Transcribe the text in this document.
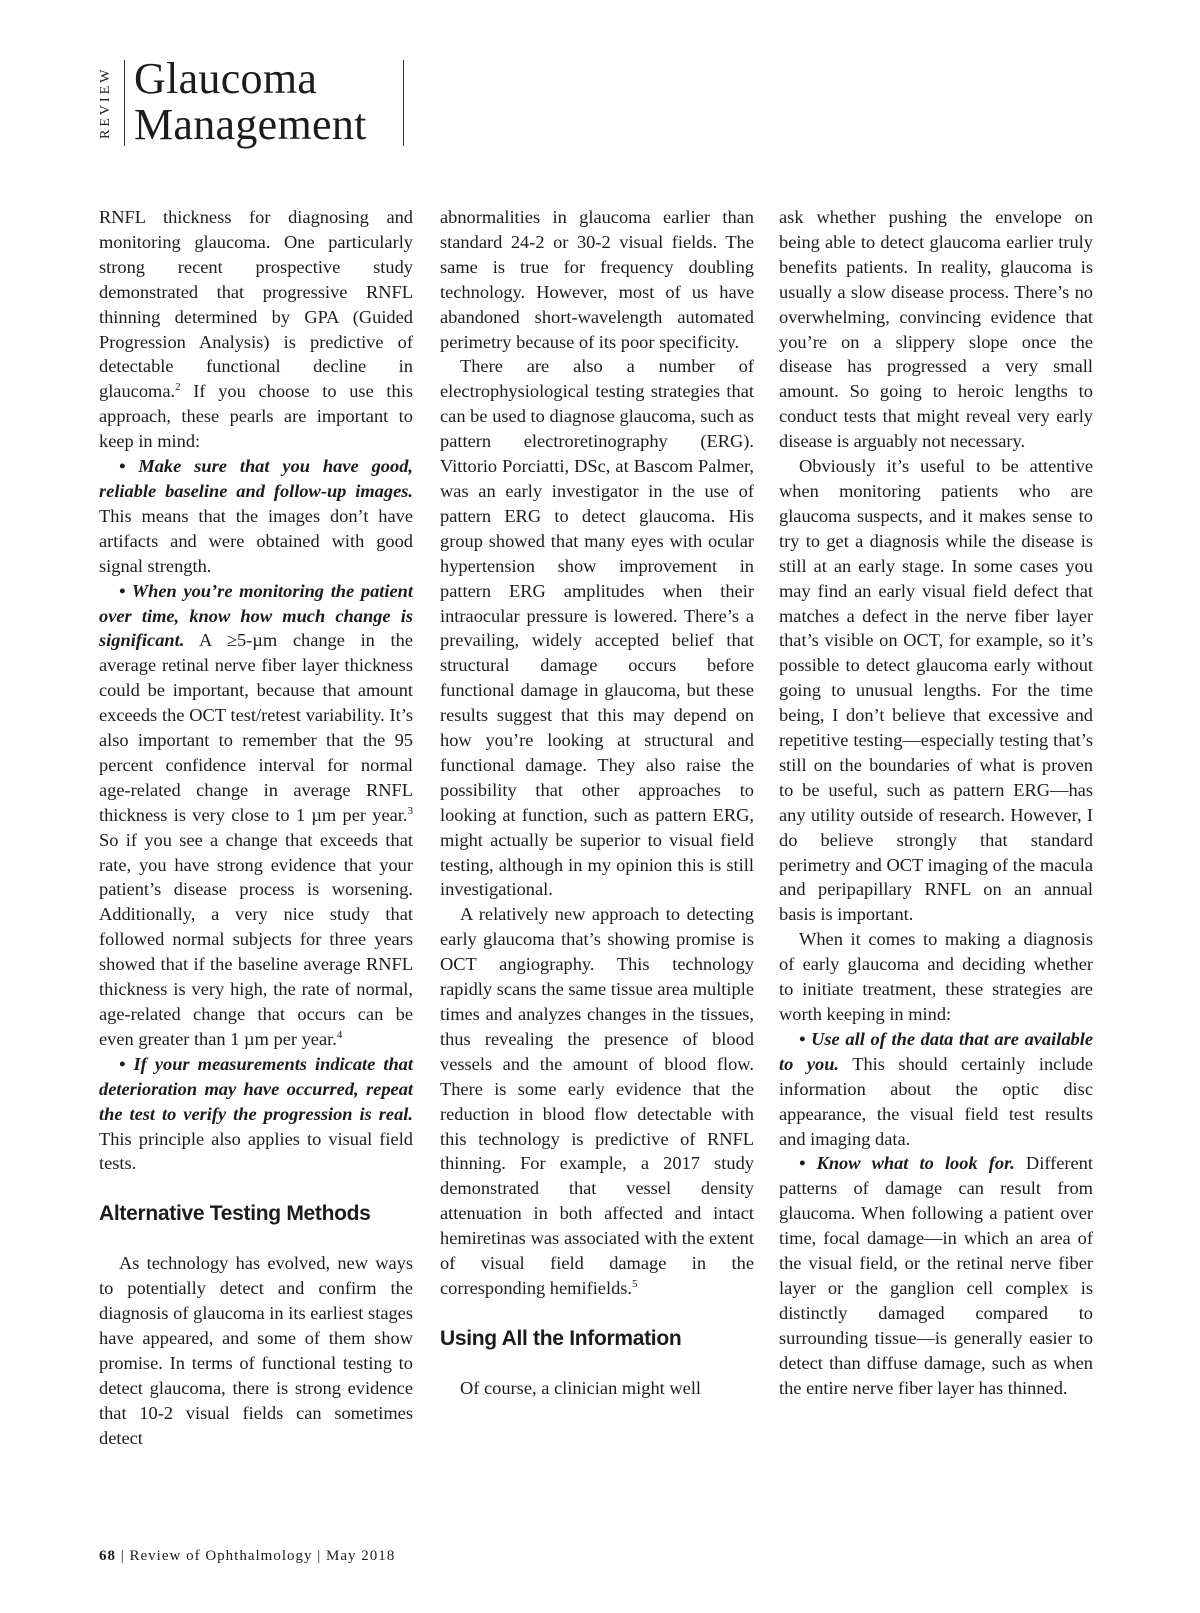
REVIEW Glaucoma
Management

RNFL thickness for diagnosing and monitoring glaucoma. One particularly strong recent prospective study demonstrated that progressive RNFL thinning determined by GPA (Guided Progression Analysis) is predictive of detectable functional decline in glaucoma.$^2$ If you choose to use this approach, these pearls are important to keep in mind:

• Make sure that you have good, reliable baseline and follow-up images. This means that the images don’t have artifacts and were obtained with good signal strength.

• When you’re monitoring the patient over time, know how much change is significant. A ≥5-µm change in the average retinal nerve fiber layer thickness could be important, because that amount exceeds the OCT test/retest variability. It’s also important to remember that the 95 percent confidence interval for normal age-related change in average RNFL thickness is very close to 1 µm per year.$^3$ So if you see a change that exceeds that rate, you have strong evidence that your patient’s disease process is worsening. Additionally, a very nice study that followed normal subjects for three years showed that if the baseline average RNFL thickness is very high, the rate of normal, age-related change that occurs can be even greater than 1 µm per year.$^4$

• If your measurements indicate that deterioration may have occurred, repeat the test to verify the progression is real. This principle also applies to visual field tests.

Alternative Testing Methods

As technology has evolved, new ways to potentially detect and confirm the diagnosis of glaucoma in its earliest stages have appeared, and some of them show promise. In terms of functional testing to detect glaucoma, there is strong evidence that 10-2 visual fields can sometimes detect

abnormalities in glaucoma earlier than standard 24-2 or 30-2 visual fields. The same is true for frequency doubling technology. However, most of us have abandoned short-wavelength automated perimetry because of its poor specificity.

There are also a number of electrophysiological testing strategies that can be used to diagnose glaucoma, such as pattern electroretinography (ERG). Vittorio Porciatti, DSc, at Bascom Palmer, was an early investigator in the use of pattern ERG to detect glaucoma. His group showed that many eyes with ocular hypertension show improvement in pattern ERG amplitudes when their intraocular pressure is lowered. There’s a prevailing, widely accepted belief that structural damage occurs before functional damage in glaucoma, but these results suggest that this may depend on how you’re looking at structural and functional damage. They also raise the possibility that other approaches to looking at function, such as pattern ERG, might actually be superior to visual field testing, although in my opinion this is still investigational.

A relatively new approach to detecting early glaucoma that’s showing promise is OCT angiography. This technology rapidly scans the same tissue area multiple times and analyzes changes in the tissues, thus revealing the presence of blood vessels and the amount of blood flow. There is some early evidence that the reduction in blood flow detectable with this technology is predictive of RNFL thinning. For example, a 2017 study demonstrated that vessel density attenuation in both affected and intact hemiretinas was associated with the extent of visual field damage in the corresponding hemifields.$^5$

Using All the Information

Of course, a clinician might well

ask whether pushing the envelope on being able to detect glaucoma earlier truly benefits patients. In reality, glaucoma is usually a slow disease process. There’s no overwhelming, convincing evidence that you’re on a slippery slope once the disease has progressed a very small amount. So going to heroic lengths to conduct tests that might reveal very early disease is arguably not necessary.

Obviously it’s useful to be attentive when monitoring patients who are glaucoma suspects, and it makes sense to try to get a diagnosis while the disease is still at an early stage. In some cases you may find an early visual field defect that matches a defect in the nerve fiber layer that’s visible on OCT, for example, so it’s possible to detect glaucoma early without going to unusual lengths. For the time being, I don’t believe that excessive and repetitive testing—especially testing that’s still on the boundaries of what is proven to be useful, such as pattern ERG—has any utility outside of research. However, I do believe strongly that standard perimetry and OCT imaging of the macula and peripapillary RNFL on an annual basis is important.

When it comes to making a diagnosis of early glaucoma and deciding whether to initiate treatment, these strategies are worth keeping in mind:

• Use all of the data that are available to you. This should certainly include information about the optic disc appearance, the visual field test results and imaging data.

• Know what to look for. Different patterns of damage can result from glaucoma. When following a patient over time, focal damage—in which an area of the visual field, or the retinal nerve fiber layer or the ganglion cell complex is distinctly damaged compared to surrounding tissue—is generally easier to detect than diffuse damage, such as when the entire nerve fiber layer has thinned.

68 | Review of Ophthalmology | May 2018
